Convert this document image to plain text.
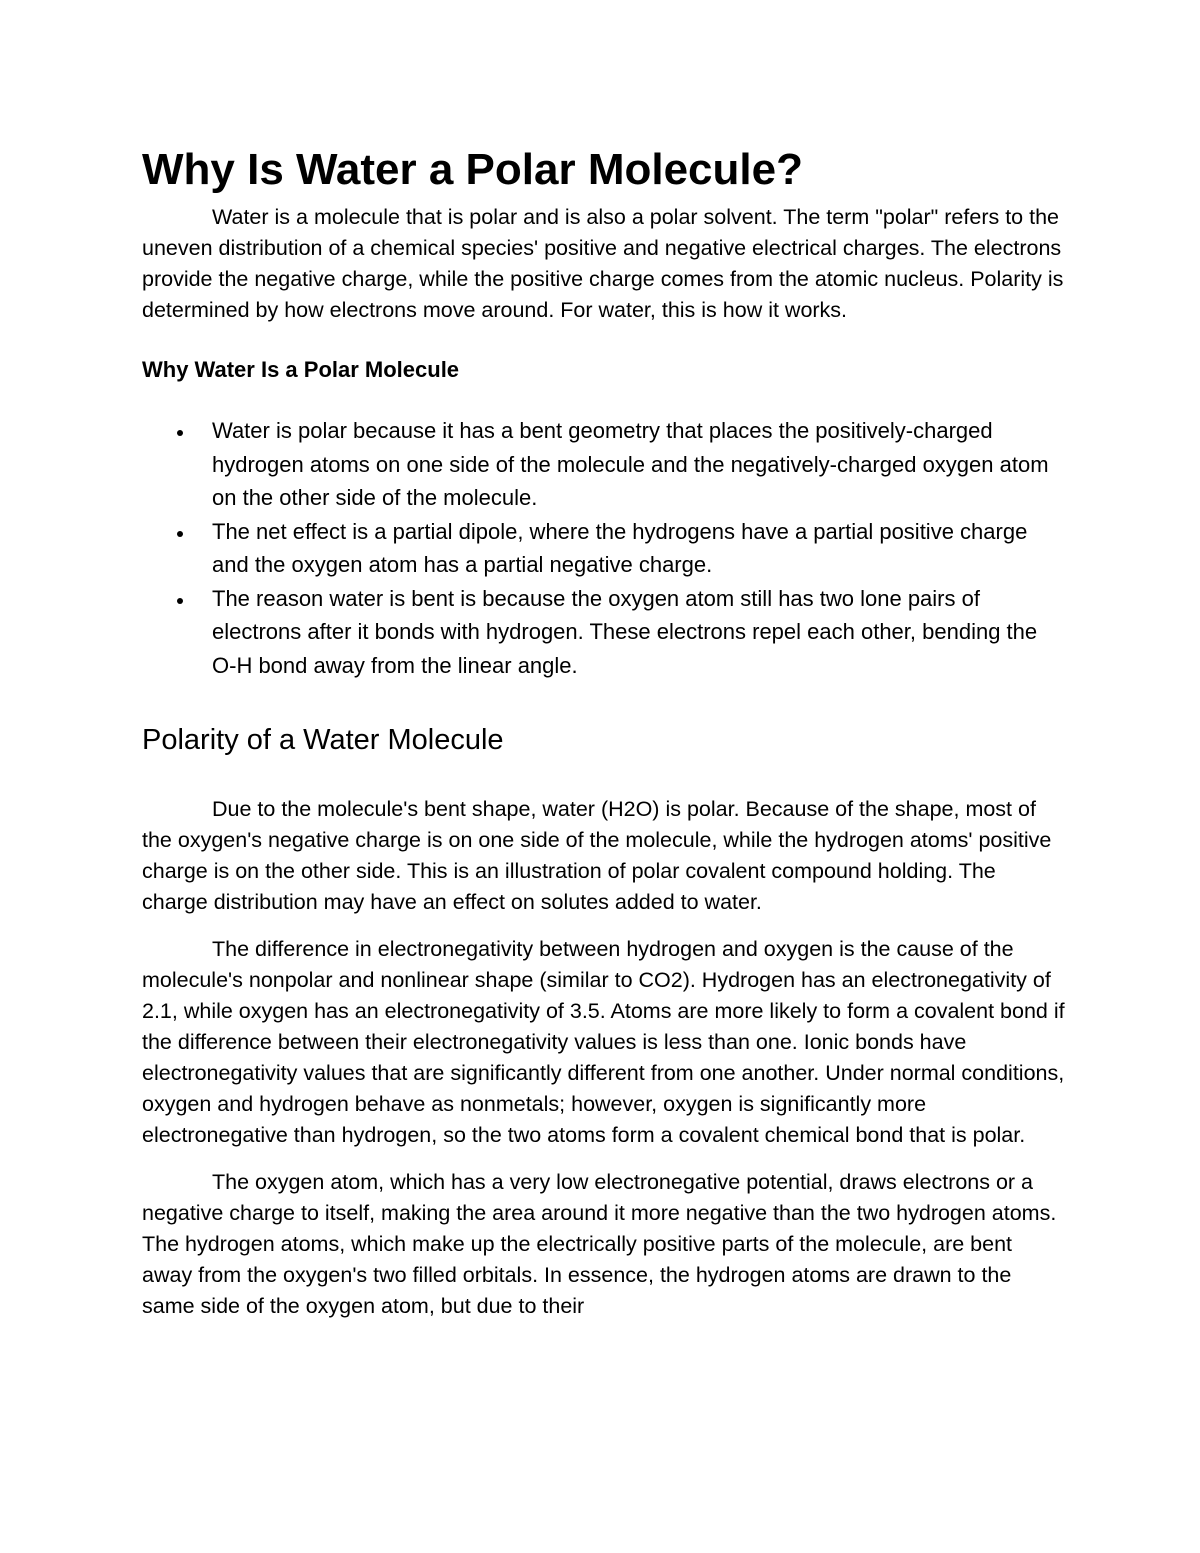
Why Is Water a Polar Molecule?

Water is a molecule that is polar and is also a polar solvent. The term "polar" refers to the uneven distribution of a chemical species' positive and negative electrical charges. The electrons provide the negative charge, while the positive charge comes from the atomic nucleus. Polarity is determined by how electrons move around. For water, this is how it works.

Why Water Is a Polar Molecule
Water is polar because it has a bent geometry that places the positively-charged hydrogen atoms on one side of the molecule and the negatively-charged oxygen atom on the other side of the molecule.
The net effect is a partial dipole, where the hydrogens have a partial positive charge and the oxygen atom has a partial negative charge.
The reason water is bent is because the oxygen atom still has two lone pairs of electrons after it bonds with hydrogen. These electrons repel each other, bending the O-H bond away from the linear angle.
Polarity of a Water Molecule

Due to the molecule's bent shape, water (H2O) is polar. Because of the shape, most of the oxygen's negative charge is on one side of the molecule, while the hydrogen atoms' positive charge is on the other side. This is an illustration of polar covalent compound holding. The charge distribution may have an effect on solutes added to water.

The difference in electronegativity between hydrogen and oxygen is the cause of the molecule's nonpolar and nonlinear shape (similar to CO2). Hydrogen has an electronegativity of 2.1, while oxygen has an electronegativity of 3.5. Atoms are more likely to form a covalent bond if the difference between their electronegativity values is less than one. Ionic bonds have electronegativity values that are significantly different from one another. Under normal conditions, oxygen and hydrogen behave as nonmetals; however, oxygen is significantly more electronegative than hydrogen, so the two atoms form a covalent chemical bond that is polar.

The oxygen atom, which has a very low electronegative potential, draws electrons or a negative charge to itself, making the area around it more negative than the two hydrogen atoms. The hydrogen atoms, which make up the electrically positive parts of the molecule, are bent away from the oxygen's two filled orbitals. In essence, the hydrogen atoms are drawn to the same side of the oxygen atom, but due to their
